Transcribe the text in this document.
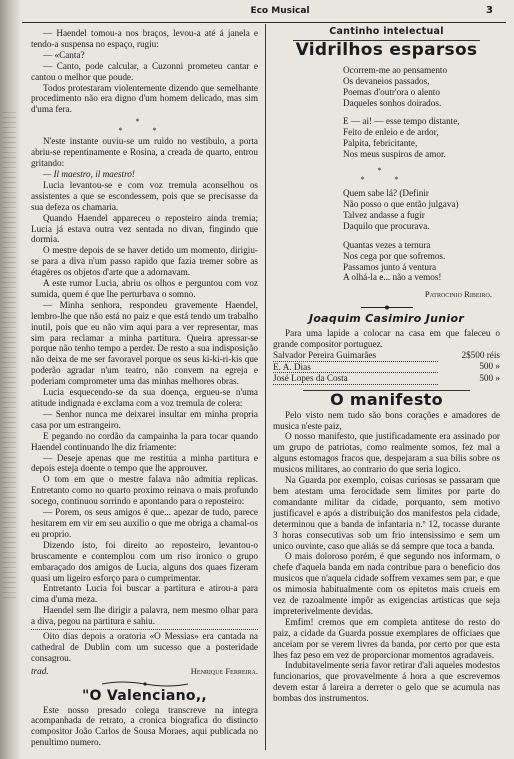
Eco Musical	3

— Haendel tomou-a nos braços, levou-a até á janela e tendo-a suspensa no espaço, rugiu:

— «Canta?

— Canto, pode calcular, a Cuzonni prometeu cantar e cantou o melhor que poude.

Todos protestaram violentemente dizendo que semelhante procedimento não era digno d'um homem delicado, mas sim d'uma fera.

*
* *

N'este instante ouviu-se um ruido no vestibulo, a porta abriu-se repentinamente e Rosina, a creada de quarto, entrou gritando:

— Il maestro, il maestro!

Lucia levantou-se e com voz tremula aconselhou os assistentes a que se escondessem, pois que se precisasse da sua defeza os chamaria.

Quando Haendel appareceu o reposteiro ainda tremia; Lucia já estava outra vez sentada no divan, fingindo que dormia.

O mestre depois de se haver detido um momento, dirigiu-se para a diva n'um passo rapido que fazia tremer sobre as étagères os objetos d'arte que a adornavam.

A este rumor Lucia, abriu os olhos e perguntou com voz sumida, quem é que lhe perturbava o somno.

— Minha senhora, respondeu gravemente Haendel, lembro-lhe que não está no paiz e que está tendo um trabalho inutil, pois que eu não vim aqui para a ver representar, mas sim para reclamar a minha partitura. Queira apressar-se porque não tenho tempo a perder. De resto a sua indisposição não deixa de me ser favoravel porque os seus ki-ki-ri-kis que poderão agradar n'um teatro, não convem na egreja e poderiam comprometer uma das minhas melhores obras.

Lucia esquecendo-se da sua doença, ergueu-se n'uma atitude indignada e exclama com a voz tremula de colera:

— Senhor nunca me deixarei insultar em minha propria casa por um estrangeiro.

E pegando no cordão da campainha la para tocar quando Haendel continuando lhe diz friamente:

— Deseje apenas que me restitúa a minha partitura e depois esteja doente o tempo que lhe approuver.

O tom em que o mestre falava não admitia replicas. Entretanto como no quarto proximo reinava o mais profundo socego, continuou sorrindo e apontando para o reposteiro:

— Porem, os seus amigos é que... apezar de tudo, parece hesitarem em vir em seu auxilio o que me obriga a chamal-os eu proprio.

Dizendo isto, foi direito ao reposteiro, levantou-o bruscamente e contemplou com um riso ironico o grupo embaraçado dos amigos de Lucia, alguns dos quaes fizeram quasi um ligeiro esforço para o cumprimentar.

Entretanto Lucia foi buscar a partitura e atirou-a para cima d'uma meza.

Haendel sem lhe dirigir a palavra, nem mesmo olhar para a diva, pegou na partitura e sahiu.

Oito dias depois a oratoria «O Messias» era cantada na cathedral de Dublin com um sucesso que a posteridade consagrou.

trad.	Henrique Ferreira.
"O Valenciano,,

Este nosso presado colega transcreve na integra acompanhada de retrato, a cronica biografica do distincto compositor João Carlos de Sousa Moraes, aqui publicada no penultimo numero.

Cantinho intelectual
Vidrilhos esparsos

Ocorrem-me ao pensamento

Os devaneios passados,

Poemas d'outr'ora o alento

Daqueles sonhos doirados.

E — ai! — esse tempo distante,

Feito de enleio e de ardor,

Palpita, febricitante,

Nos meus suspiros de amor.

*
* *

Quem sabe lá? (Definir

Não posso o que então julgava)

Talvez andasse a fugir

Daquilo que procurava.

Quantas vezes a ternura

Nos cega por que sofremos.

Passamos junto á ventura

A olhá-la e... não a vemos!

Patrocinio Ribeiro.
Joaquim Casimiro Junior

Para uma lapide a colocar na casa em que faleceu o grande compositor portuguez.

Salvador Pereira Guimarães	2$500 réis
E. A. Dias	500 »
José Lopes da Costa	500 »
O manifesto

Pelo visto nem tudo são bons corações e amadores de musica n'este paiz,

O nosso manifesto, que justificadamente era assinado por um grupo de patriotas, como realmente somos, fez mal a alguns estomagos fracos que, despejaram a sua bilis sobre os musicos militares, ao contrario do que seria logico.

Na Guarda por exemplo, coisas curiosas se passaram que bem atestam uma ferocidade sem limites por parte do comandante militar da cidade, porquanto, sem motivo justificavel e após a distribuição dos manifestos pela cidade, determinou que a banda de infantaria n.º 12, tocasse durante 3 horas consecutivas sob um frio intensissimo e sem um unico ouvinte, caso que aliás se dá sempre que toca a banda.

O mais doloroso porém, é que segundo nos informam, o chefe d'aquela banda em nada contribue para o beneficio dos musicos que n'aquela cidade soffrem vexames sem par, e que os mimosia habitualmente com os epitetos mais crueis em vez de razoalmente impôr as exigencias artisticas que seja impreterivelmente devidas.

Emfim! cremos que em completa antitese do resto do paiz, a cidade da Guarda possue exemplares de officiaes que anceiam por se verem livres da banda, por certo por que esta lhes faz peso em vez de proporcionar momentos agradaveis.

Indubitavelmente seria favor retirar d'ali aqueles modestos funcionarios, que provavelmente á hora a que escrevemos devem estar á lareira a derreter o gelo que se acumula nas bombas dos instrumentos.
